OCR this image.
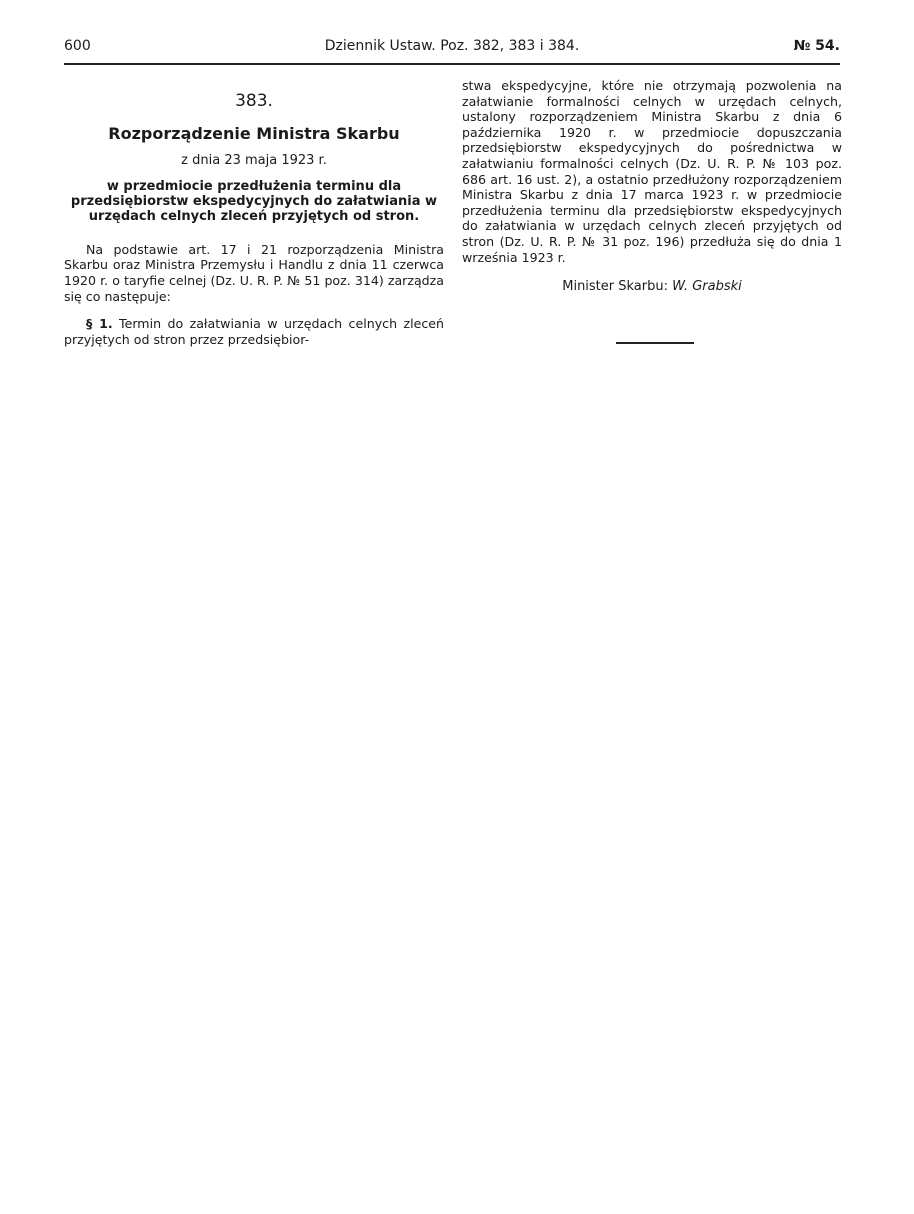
600	Dziennik Ustaw. Poz. 382, 383 i 384.	№ 54.
383.
Rozporządzenie Ministra Skarbu
z dnia 23 maja 1923 r.
w przedmiocie przedłużenia terminu dla przedsiębiorstw ekspedycyjnych do załatwiania w urzędach celnych zleceń przyjętych od stron.

Na podstawie art. 17 i 21 rozporządzenia Ministra Skarbu oraz Ministra Przemysłu i Handlu z dnia 11 czerwca 1920 r. o taryfie celnej (Dz. U. R. P. № 51 poz. 314) zarządza się co następuje:

§ 1. Termin do załatwiania w urzędach celnych zleceń przyjętych od stron przez przedsiębior-

stwa ekspedycyjne, które nie otrzymają pozwolenia na załatwianie formalności celnych w urzędach celnych, ustalony rozporządzeniem Ministra Skarbu z dnia 6 października 1920 r. w przedmiocie dopuszczania przedsiębiorstw ekspedycyjnych do pośrednictwa w załatwianiu formalności celnych (Dz. U. R. P. № 103 poz. 686 art. 16 ust. 2), a ostatnio przedłużony rozporządzeniem Ministra Skarbu z dnia 17 marca 1923 r. w przedmiocie przedłużenia terminu dla przedsiębiorstw ekspedycyjnych do załatwiania w urzędach celnych zleceń przyjętych od stron (Dz. U. R. P. № 31 poz. 196) przedłuża się do dnia 1 września 1923 r.

Minister Skarbu: W. Grabski
